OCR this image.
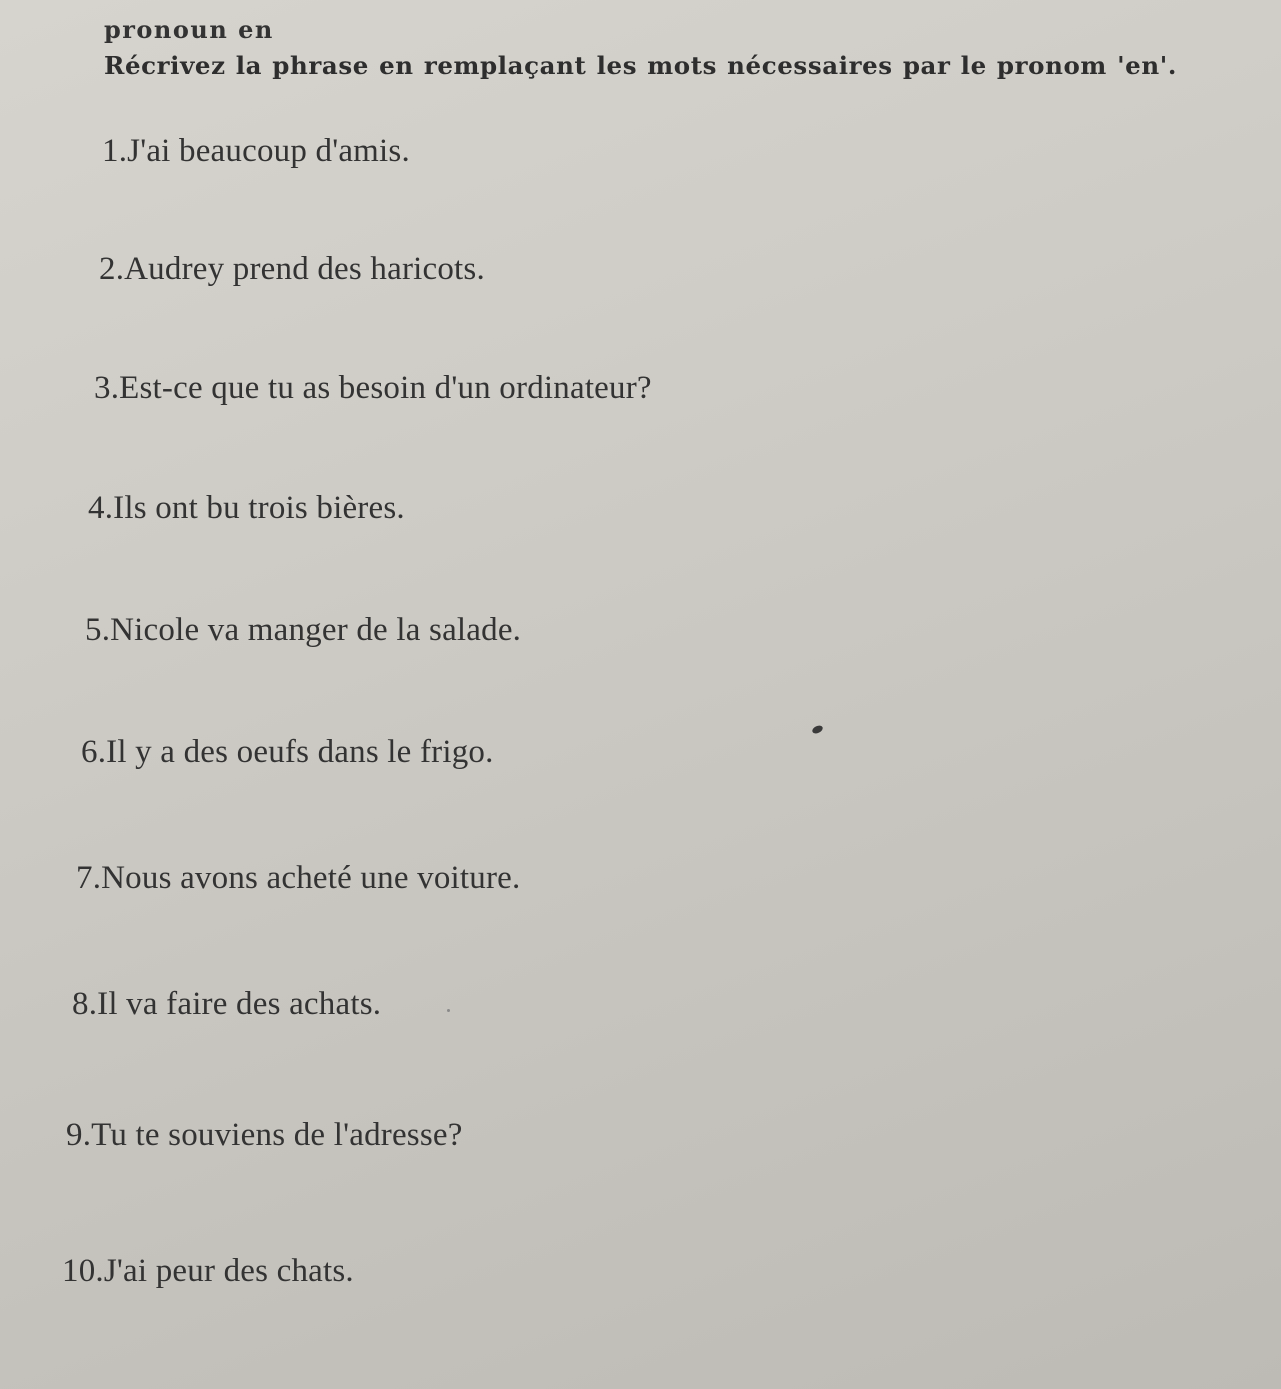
pronoun en
Récrivez la phrase en remplaçant les mots nécessaires par le pronom 'en'.
1.J'ai beaucoup d'amis.
2.Audrey prend des haricots.
3.Est-ce que tu as besoin d'un ordinateur?
4.Ils ont bu trois bières.
5.Nicole va manger de la salade.
6.Il y a des oeufs dans le frigo.
7.Nous avons acheté une voiture.
8.Il va faire des achats.
9.Tu te souviens de l'adresse?
10.J'ai peur des chats.
